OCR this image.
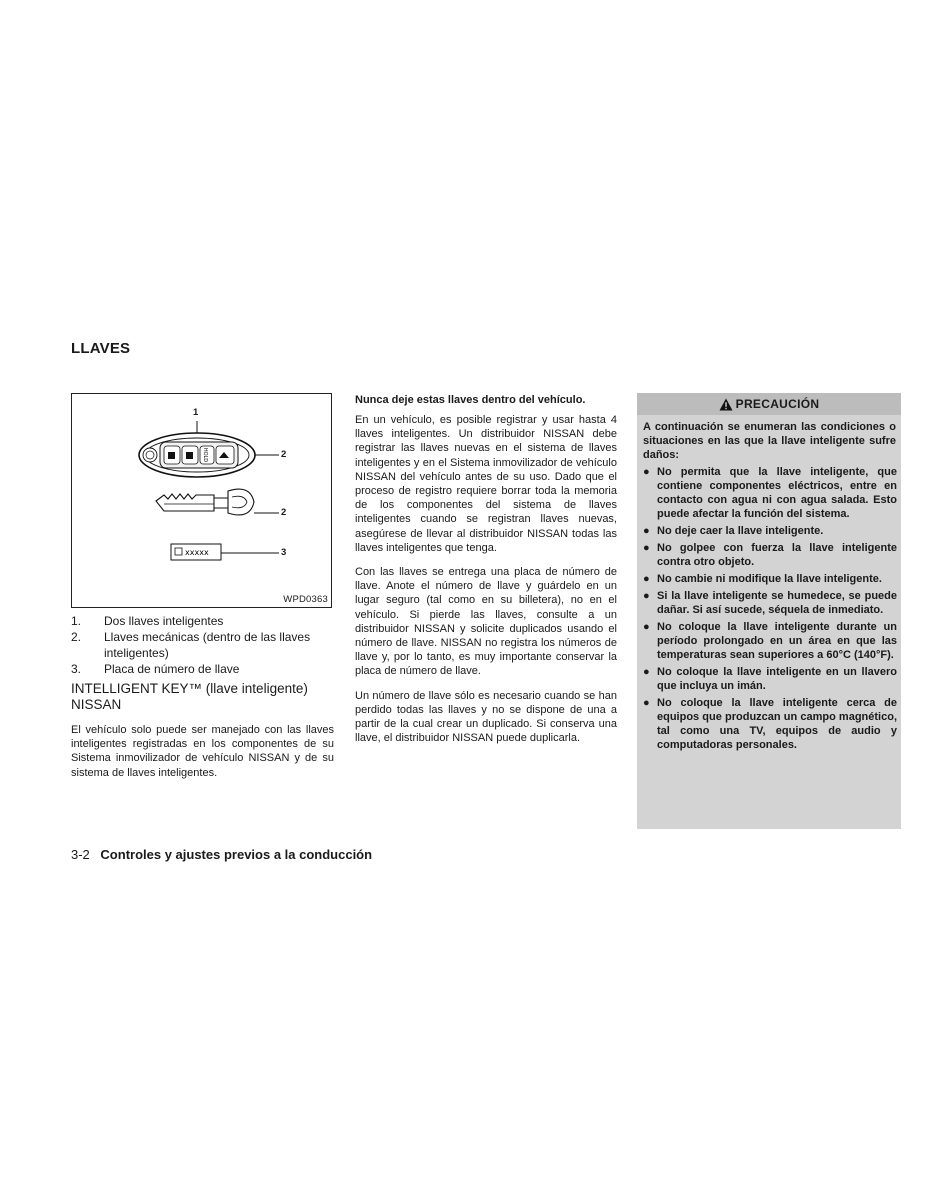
LLAVES
HOLD
xxxxx
1
2
2
3
WPD0363
1.	Dos llaves inteligentes
2.	Llaves mecánicas (dentro de las llaves inteligentes)
3.	Placa de número de llave
INTELLIGENT KEY™ (llave inteligente) NISSAN

El vehículo solo puede ser manejado con las llaves inteligentes registradas en los componentes de su Sistema inmovilizador de vehículo NISSAN y de su sistema de llaves inteligentes.

Nunca deje estas llaves dentro del vehículo.

En un vehículo, es posible registrar y usar hasta 4 llaves inteligentes. Un distribuidor NISSAN debe registrar las llaves nuevas en el sistema de llaves inteligentes y en el Sistema inmovilizador de vehículo NISSAN del vehículo antes de su uso. Dado que el proceso de registro requiere borrar toda la memoria de los componentes del sistema de llaves inteligentes cuando se registran llaves nuevas, asegúrese de llevar al distribuidor NISSAN todas las llaves inteligentes que tenga.

Con las llaves se entrega una placa de número de llave. Anote el número de llave y guárdelo en un lugar seguro (tal como en su billetera), no en el vehículo. Si pierde las llaves, consulte a un distribuidor NISSAN y solicite duplicados usando el número de llave. NISSAN no registra los números de llave y, por lo tanto, es muy importante conservar la placa de número de llave.

Un número de llave sólo es necesario cuando se han perdido todas las llaves y no se dispone de una a partir de la cual crear un duplicado. Si conserva una llave, el distribuidor NISSAN puede duplicarla.

PRECAUCIÓN

A continuación se enumeran las condiciones o situaciones en las que la llave inteligente sufre daños:

● No permita que la llave inteligente, que contiene componentes eléctricos, entre en contacto con agua ni con agua salada. Esto puede afectar la función del sistema.
● No deje caer la llave inteligente.
● No golpee con fuerza la llave inteligente contra otro objeto.
● No cambie ni modifique la llave inteligente.
● Si la llave inteligente se humedece, se puede dañar. Si así sucede, séquela de inmediato.
● No coloque la llave inteligente durante un período prolongado en un área en que las temperaturas sean superiores a 60°C (140°F).
● No coloque la llave inteligente en un llavero que incluya un imán.
● No coloque la llave inteligente cerca de equipos que produzcan un campo magnético, tal como una TV, equipos de audio y computadoras personales.
3-2 Controles y ajustes previos a la conducción
